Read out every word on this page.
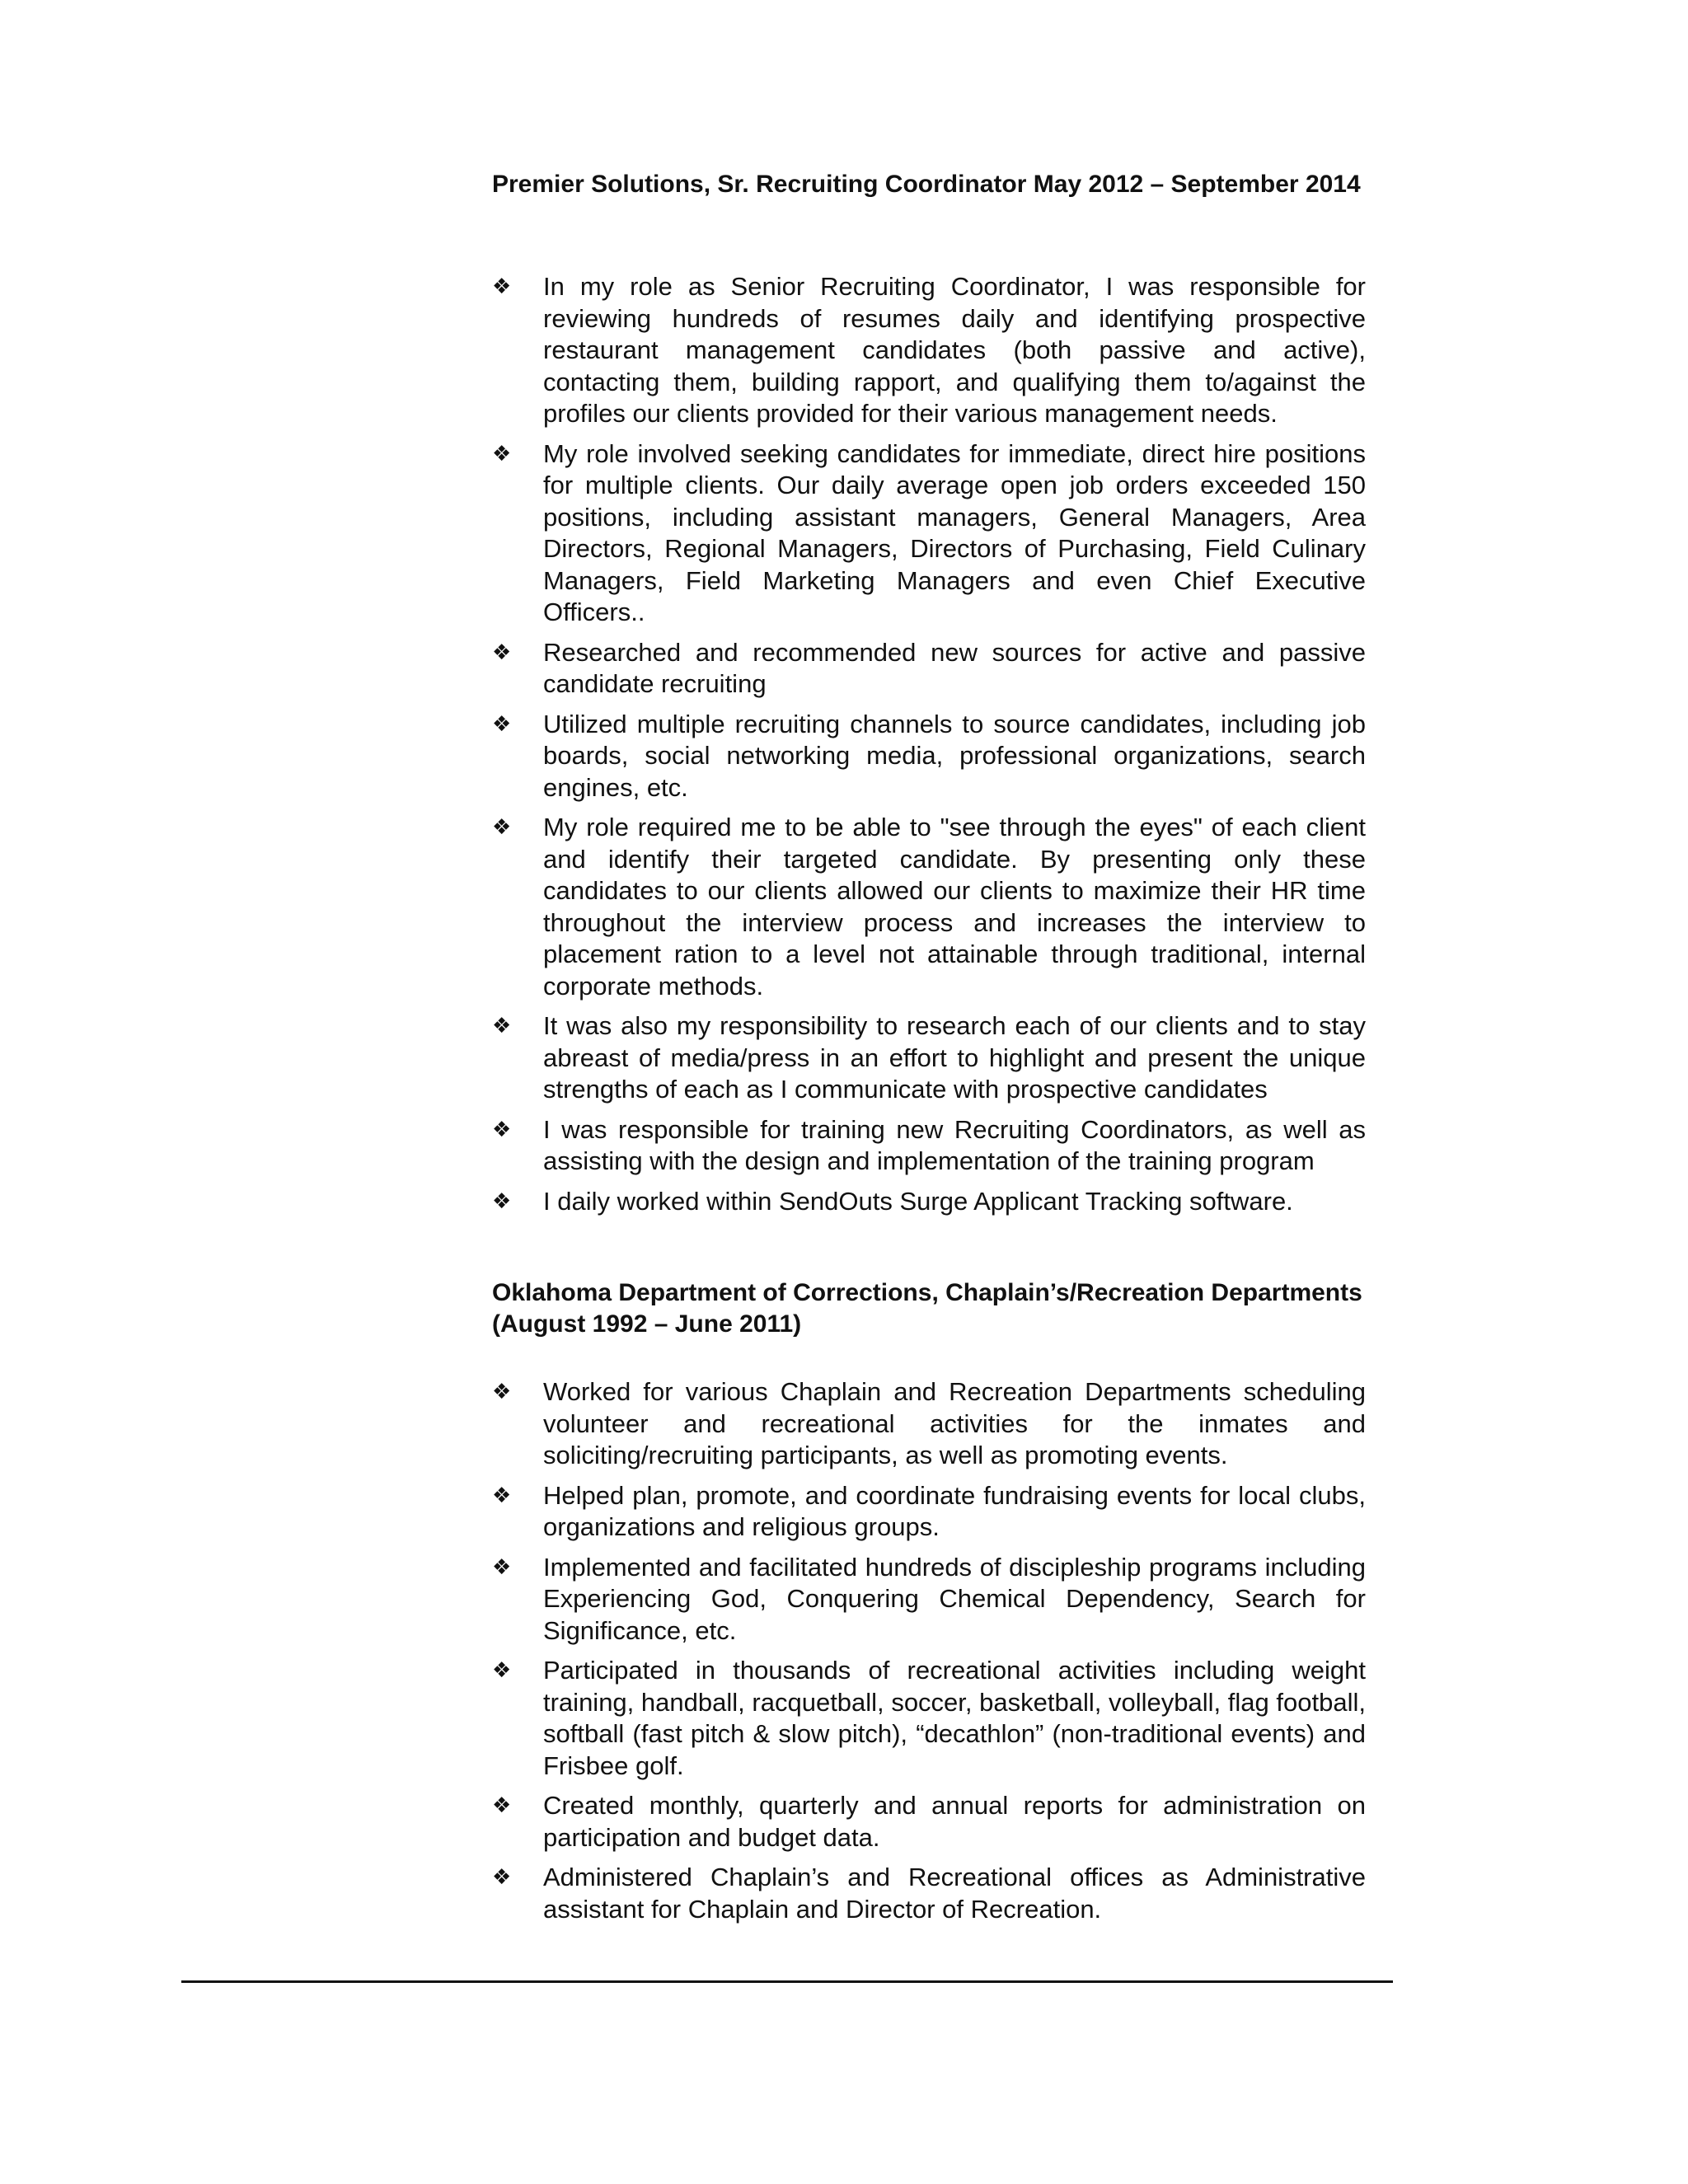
Premier Solutions, Sr. Recruiting Coordinator May 2012 – September 2014
❖ In my role as Senior Recruiting Coordinator, I was responsible for reviewing hundreds of resumes daily and identifying prospective restaurant management candidates (both passive and active), contacting them, building rapport, and qualifying them to/against the profiles our clients provided for their various management needs.
❖ My role involved seeking candidates for immediate, direct hire positions for multiple clients. Our daily average open job orders exceeded 150 positions, including assistant managers, General Managers, Area Directors, Regional Managers, Directors of Purchasing, Field Culinary Managers, Field Marketing Managers and even Chief Executive Officers..
❖ Researched and recommended new sources for active and passive candidate recruiting
❖ Utilized multiple recruiting channels to source candidates, including job boards, social networking media, professional organizations, search engines, etc.
❖ My role required me to be able to "see through the eyes" of each client and identify their targeted candidate. By presenting only these candidates to our clients allowed our clients to maximize their HR time throughout the interview process and increases the interview to placement ration to a level not attainable through traditional, internal corporate methods.
❖ It was also my responsibility to research each of our clients and to stay abreast of media/press in an effort to highlight and present the unique strengths of each as I communicate with prospective candidates
❖ I was responsible for training new Recruiting Coordinators, as well as assisting with the design and implementation of the training program
❖ I daily worked within SendOuts Surge Applicant Tracking software.
Oklahoma Department of Corrections, Chaplain’s/Recreation Departments (August 1992 – June 2011)
❖ Worked for various Chaplain and Recreation Departments scheduling volunteer and recreational activities for the inmates and soliciting/recruiting participants, as well as promoting events.
❖ Helped plan, promote, and coordinate fundraising events for local clubs, organizations and religious groups.
❖ Implemented and facilitated hundreds of discipleship programs including Experiencing God, Conquering Chemical Dependency, Search for Significance, etc.
❖ Participated in thousands of recreational activities including weight training, handball, racquetball, soccer, basketball, volleyball, flag football, softball (fast pitch & slow pitch), “decathlon” (non-traditional events) and Frisbee golf.
❖ Created monthly, quarterly and annual reports for administration on participation and budget data.
❖ Administered Chaplain’s and Recreational offices as Administrative assistant for Chaplain and Director of Recreation.
